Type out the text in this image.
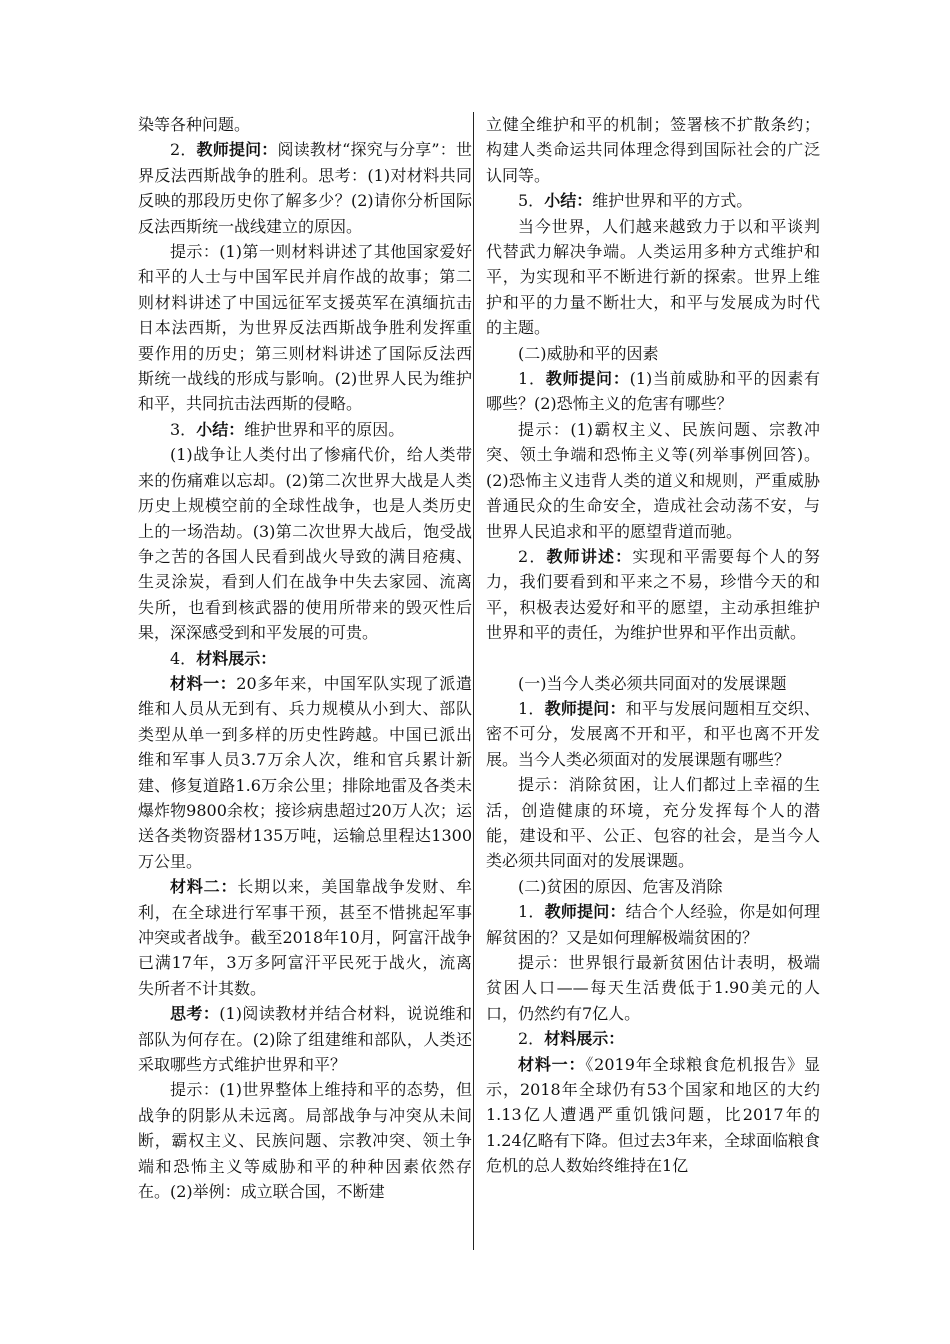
染等各种问题。

2．教师提问：阅读教材“探究与分享”：世界反法西斯战争的胜利。思考：(1)对材料共同反映的那段历史你了解多少？(2)请你分析国际反法西斯统一战线建立的原因。

提示：(1)第一则材料讲述了其他国家爱好和平的人士与中国军民并肩作战的故事；第二则材料讲述了中国远征军支援英军在滇缅抗击日本法西斯，为世界反法西斯战争胜利发挥重要作用的历史；第三则材料讲述了国际反法西斯统一战线的形成与影响。(2)世界人民为维护和平，共同抗击法西斯的侵略。

3．小结：维护世界和平的原因。

(1)战争让人类付出了惨痛代价，给人类带来的伤痛难以忘却。(2)第二次世界大战是人类历史上规模空前的全球性战争，也是人类历史上的一场浩劫。(3)第二次世界大战后，饱受战争之苦的各国人民看到战火导致的满目疮痍、生灵涂炭，看到人们在战争中失去家园、流离失所，也看到核武器的使用所带来的毁灭性后果，深深感受到和平发展的可贵。

4．材料展示：

材料一：20多年来，中国军队实现了派遣维和人员从无到有、兵力规模从小到大、部队类型从单一到多样的历史性跨越。中国已派出维和军事人员3.7万余人次，维和官兵累计新建、修复道路1.6万余公里；排除地雷及各类未爆炸物9800余枚；接诊病患超过20万人次；运送各类物资器材135万吨，运输总里程达1300万公里。

材料二：长期以来，美国靠战争发财、牟利，在全球进行军事干预，甚至不惜挑起军事冲突或者战争。截至2018年10月，阿富汗战争已满17年，3万多阿富汗平民死于战火，流离失所者不计其数。

思考：(1)阅读教材并结合材料，说说维和部队为何存在。(2)除了组建维和部队，人类还采取哪些方式维护世界和平？

提示：(1)世界整体上维持和平的态势，但战争的阴影从未远离。局部战争与冲突从未间断，霸权主义、民族问题、宗教冲突、领土争端和恐怖主义等威胁和平的种种因素依然存在。(2)举例：成立联合国，不断建

立健全维护和平的机制；签署核不扩散条约；构建人类命运共同体理念得到国际社会的广泛认同等。

5．小结：维护世界和平的方式。

当今世界，人们越来越致力于以和平谈判代替武力解决争端。人类运用多种方式维护和平，为实现和平不断进行新的探索。世界上维护和平的力量不断壮大，和平与发展成为时代的主题。

(二)威胁和平的因素

1．教师提问：(1)当前威胁和平的因素有哪些？(2)恐怖主义的危害有哪些？

提示：(1)霸权主义、民族问题、宗教冲突、领土争端和恐怖主义等(列举事例回答)。(2)恐怖主义违背人类的道义和规则，严重威胁普通民众的生命安全，造成社会动荡不安，与世界人民追求和平的愿望背道而驰。

2．教师讲述：实现和平需要每个人的努力，我们要看到和平来之不易，珍惜今天的和平，积极表达爱好和平的愿望，主动承担维护世界和平的责任，为维护世界和平作出贡献。

(一)当今人类必须共同面对的发展课题

1．教师提问：和平与发展问题相互交织、密不可分，发展离不开和平，和平也离不开发展。当今人类必须面对的发展课题有哪些？

提示：消除贫困，让人们都过上幸福的生活，创造健康的环境，充分发挥每个人的潜能，建设和平、公正、包容的社会，是当今人类必须共同面对的发展课题。

(二)贫困的原因、危害及消除

1．教师提问：结合个人经验，你是如何理解贫困的？又是如何理解极端贫困的？

提示：世界银行最新贫困估计表明，极端贫困人口——每天生活费低于1.90美元的人口，仍然约有7亿人。

2．材料展示：

材料一：《2019年全球粮食危机报告》显示，2018年全球仍有53个国家和地区的大约1.13亿人遭遇严重饥饿问题，比2017年的1.24亿略有下降。但过去3年来，全球面临粮食危机的总人数始终维持在1亿
